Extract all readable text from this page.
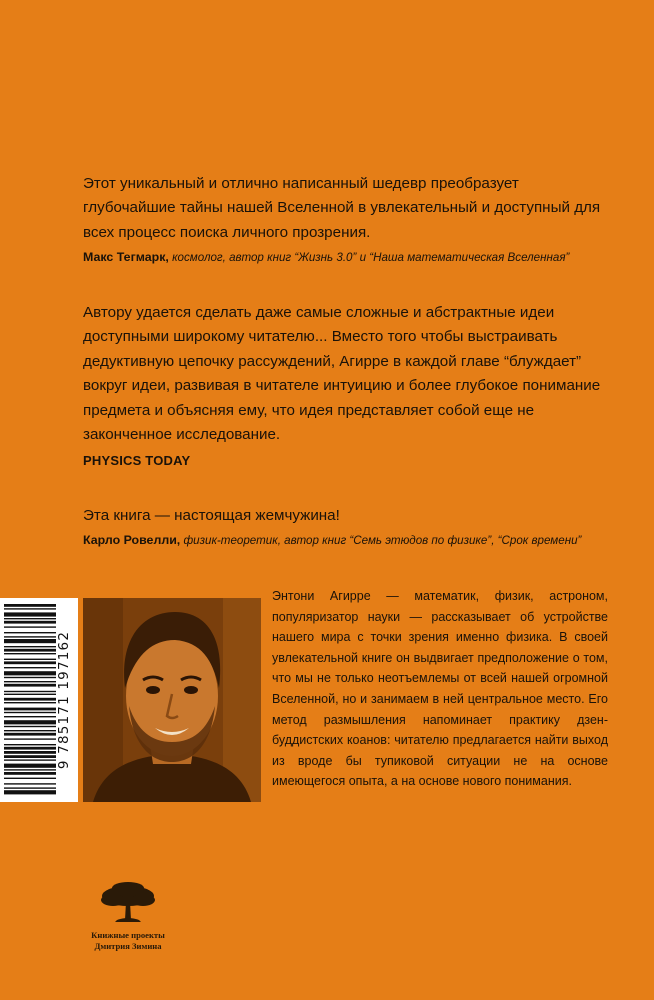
Этот уникальный и отлично написанный шедевр преобразует глубочайшие тайны нашей Вселенной в увлекательный и доступный для всех процесс поиска личного прозрения.

Макс Тегмарк, космолог, автор книг “Жизнь 3.0” и “Наша математическая Вселенная”

Автору удается сделать даже самые сложные и абстрактные идеи доступными широкому читателю... Вместо того чтобы выстраивать дедуктивную цепочку рассуждений, Агирре в каждой главе “блуждает” вокруг идеи, развивая в читателе интуицию и более глубокое понимание предмета и объясняя ему, что идея представляет собой еще не законченное исследование.

PHYSICS TODAY

Эта книга — настоящая жемчужина!

Карло Ровелли, физик-теоретик, автор книг “Семь этюдов по физике”, “Срок времени”

9 785171 197162

Энтони Агирре — математик, физик, астроном, популяризатор науки — рассказывает об устройстве нашего мира с точки зрения именно физика. В своей увлекательной книге он выдвигает предположение о том, что мы не только неотъемлемы от всей нашей огромной Вселенной, но и занимаем в ней центральное место. Его метод размышления напоминает практику дзен-буддистских коанов: читателю предлагается найти выход из вроде бы тупиковой ситуации не на основе имеющегося опыта, а на основе нового понимания.

Книжные проекты
Дмитрия Зимина
